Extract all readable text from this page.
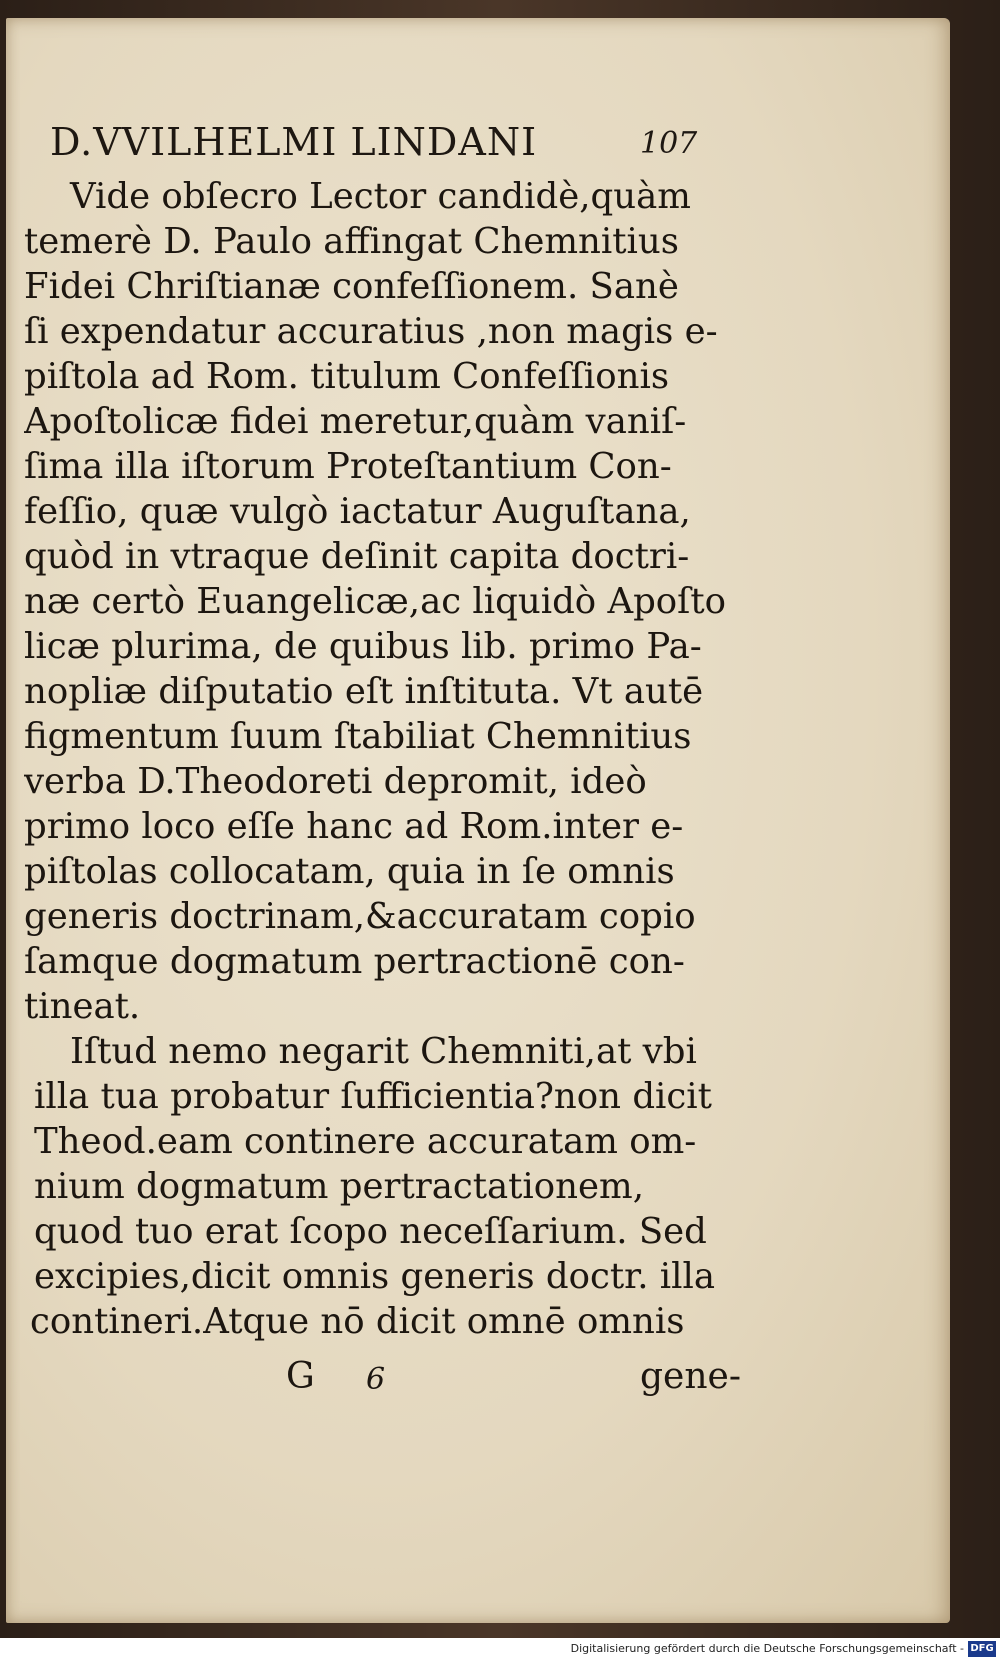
D.VVILHELMI LINDANI	107
Vide obſecro Lector candidè,quàm
temerè D. Paulo affingat Chemnitius
Fidei Chriſtianæ confeſſionem. Sanè
ſi expendatur accuratius ,non magis e-
piſtola ad Rom. titulum Confeſſionis
Apoſtolicæ fidei meretur,quàm vaniſ-
ſima illa iſtorum Proteſtantium Con-
feſſio, quæ vulgò iactatur Auguſtana,
quòd in vtraque deſinit capita doctri-
næ certò Euangelicæ,ac liquidò Apoſto
licæ plurima, de quibus lib. primo Pa-
nopliæ diſputatio eſt inſtituta. Vt autē
figmentum ſuum ſtabiliat Chemnitius
verba D.Theodoreti depromit, ideò
primo loco eſſe hanc ad Rom.inter e-
piſtolas collocatam, quia in ſe omnis
generis doctrinam,&accuratam copio
ſamque dogmatum pertractionē con-
tineat.
Iſtud nemo negarit Chemniti,at vbi
illa tua probatur ſufficientia?non dicit
Theod.eam continere accuratam om-
nium dogmatum pertractationem,
quod tuo erat ſcopo neceſſarium. Sed
excipies,dicit omnis generis doctr. illa
contineri.Atque nō dicit omnē omnis
G 6	gene-
Digitalisierung gefördert durch die Deutsche Forschungsgemeinschaft - DFG
